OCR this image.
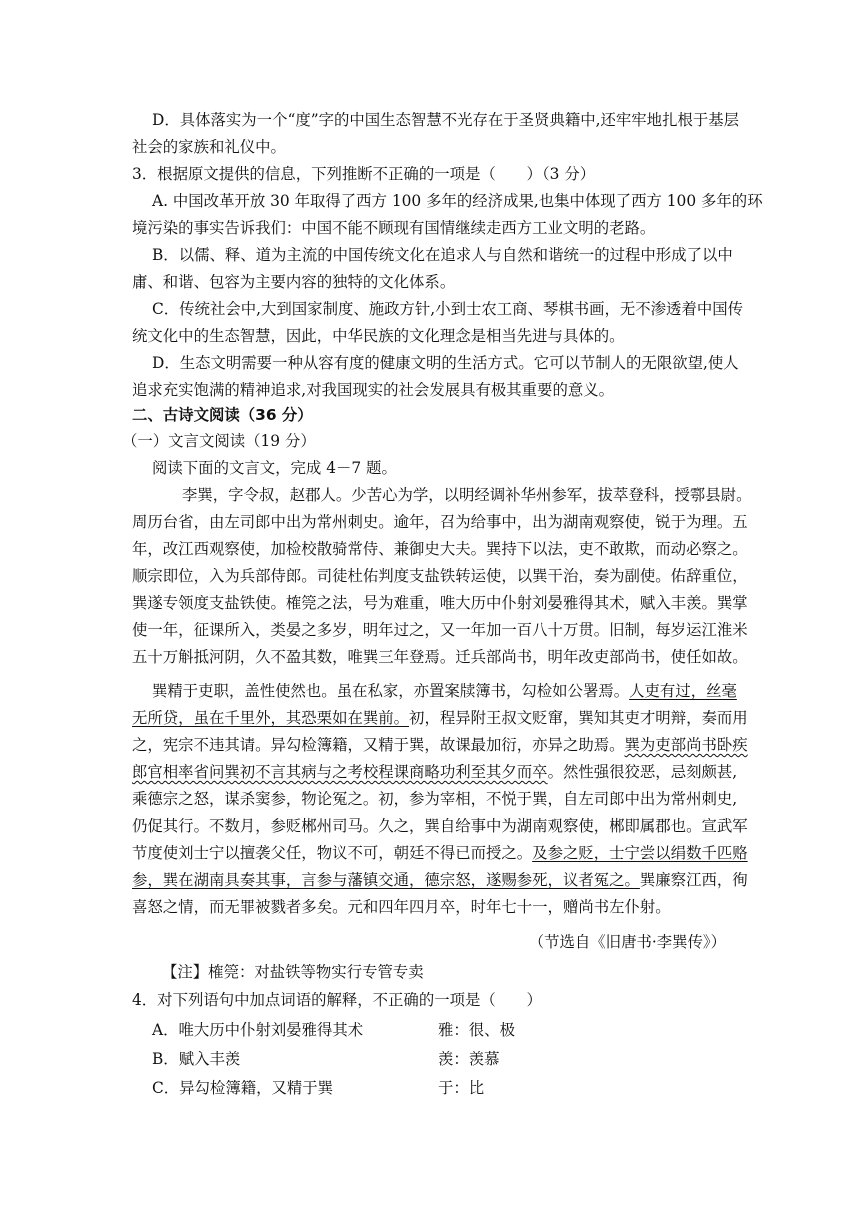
D．具体落实为一个“度”字的中国生态智慧不光存在于圣贤典籍中,还牢牢地扎根于基层
社会的家族和礼仪中。
3．根据原文提供的信息，下列推断不正确的一项是（　　）（3 分）
A. 中国改革开放 30 年取得了西方 100 多年的经济成果,也集中体现了西方 100 多年的环
境污染的事实告诉我们：中国不能不顾现有国情继续走西方工业文明的老路。
B．以儒、释、道为主流的中国传统文化在追求人与自然和谐统一的过程中形成了以中
庸、和谐、包容为主要内容的独特的文化体系。
C．传统社会中,大到国家制度、施政方针,小到士农工商、琴棋书画，无不渗透着中国传
统文化中的生态智慧，因此，中华民族的文化理念是相当先进与具体的。
D．生态文明需要一种从容有度的健康文明的生活方式。它可以节制人的无限欲望,使人
追求充实饱满的精神追求,对我国现实的社会发展具有极其重要的意义。
二、古诗文阅读（36 分）
（一）文言文阅读（19 分）
阅读下面的文言文，完成 4－7 题。
李巽，字令叔，赵郡人。少苦心为学，以明经调补华州参军，拔萃登科，授鄠县尉。
周历台省，由左司郎中出为常州刺史。逾年，召为给事中，出为湖南观察使，锐于为理。五
年，改江西观察使，加检校散骑常侍、兼御史大夫。巽持下以法，吏不敢欺，而动必察之。
顺宗即位，入为兵部侍郎。司徒杜佑判度支盐铁转运使，以巽干治，奏为副使。佑辞重位，
巽遂专领度支盐铁使。榷筦之法，号为难重，唯大历中仆射刘晏雅得其术，赋入丰羡。巽掌
使一年，征课所入，类晏之多岁，明年过之，又一年加一百八十万贯。旧制，每岁运江淮米
五十万斛抵河阴，久不盈其数，唯巽三年登焉。迁兵部尚书，明年改吏部尚书，使任如故。
巽精于吏职，盖性使然也。虽在私家，亦置案牍簿书，勾检如公署焉。人吏有过，丝毫
无所贷，虽在千里外，其恐栗如在巽前。初，程异附王叔文贬窜，巽知其吏才明辩，奏而用
之，宪宗不违其请。异勾检簿籍，又精于巽，故课最加衍，亦异之助焉。巽为吏部尚书卧疾
郎官相率省问巽初不言其病与之考校程课商略功利至其夕而卒。然性强很狡恶，忌刻颇甚,
乘德宗之怒，谋杀窦参，物论冤之。初，参为宰相，不悦于巽，自左司郎中出为常州刺史,
仍促其行。不数月，参贬郴州司马。久之，巽自给事中为湖南观察使，郴即属郡也。宣武军
节度使刘士宁以擅袭父任，物议不可，朝廷不得已而授之。及参之贬，士宁尝以绢数千匹赂
参，巽在湖南具奏其事，言参与藩镇交通，德宗怒，遂赐参死，议者冤之。巽廉察江西，徇
喜怒之情，而无罪被戮者多矣。元和四年四月卒，时年七十一，赠尚书左仆射。
（节选自《旧唐书·李巽传》）
【注】榷筦：对盐铁等物实行专管专卖
4．对下列语句中加点词语的解释，不正确的一项是（　　）
A．唯大历中仆射刘晏雅得其术	雅：很、极
B．赋入丰羡	羡：羡慕
C．异勾检簿籍，又精于巽	于：比
